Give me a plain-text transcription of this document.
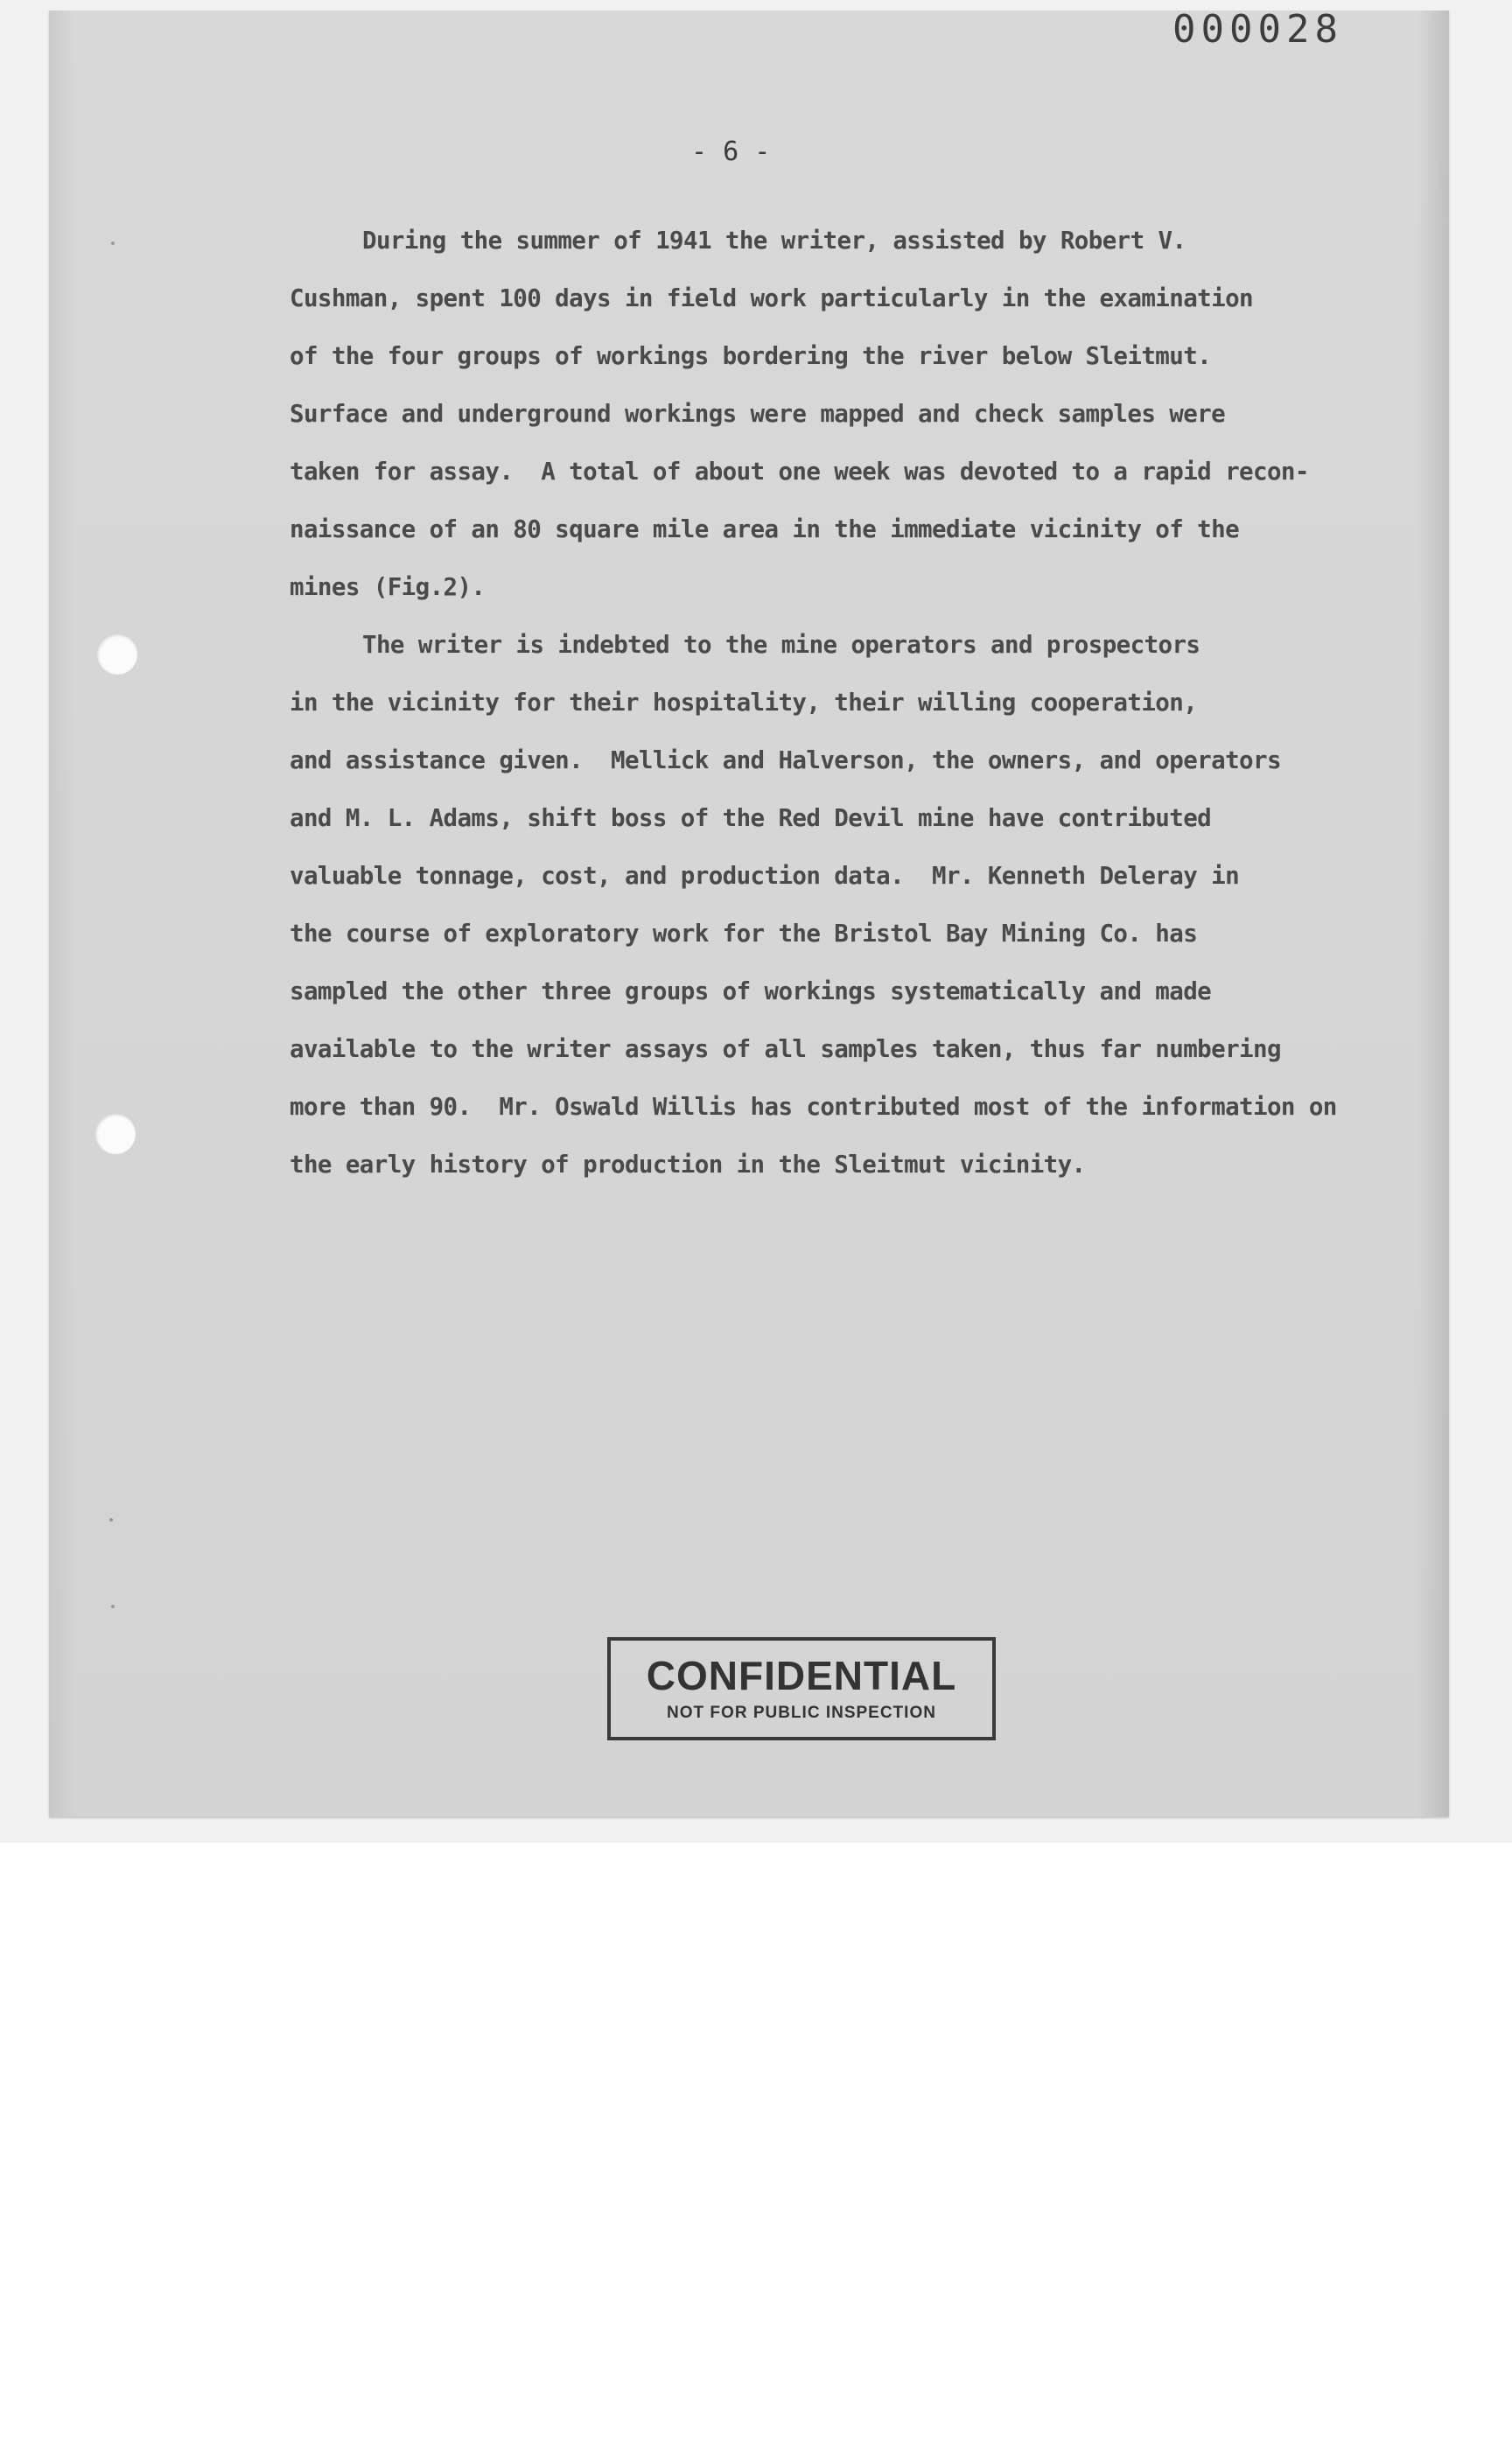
000028
- 6 -
During the summer of 1941 the writer, assisted by Robert V.
Cushman, spent 100 days in field work particularly in the examination
of the four groups of workings bordering the river below Sleitmut.
Surface and underground workings were mapped and check samples were
taken for assay.  A total of about one week was devoted to a rapid recon-
naissance of an 80 square mile area in the immediate vicinity of the
mines (Fig.2).
The writer is indebted to the mine operators and prospectors
in the vicinity for their hospitality, their willing cooperation,
and assistance given.  Mellick and Halverson, the owners, and operators
and M. L. Adams, shift boss of the Red Devil mine have contributed
valuable tonnage, cost, and production data.  Mr. Kenneth Deleray in
the course of exploratory work for the Bristol Bay Mining Co. has
sampled the other three groups of workings systematically and made
available to the writer assays of all samples taken, thus far numbering
more than 90.  Mr. Oswald Willis has contributed most of the information on
the early history of production in the Sleitmut vicinity.
CONFIDENTIAL
NOT FOR PUBLIC INSPECTION
